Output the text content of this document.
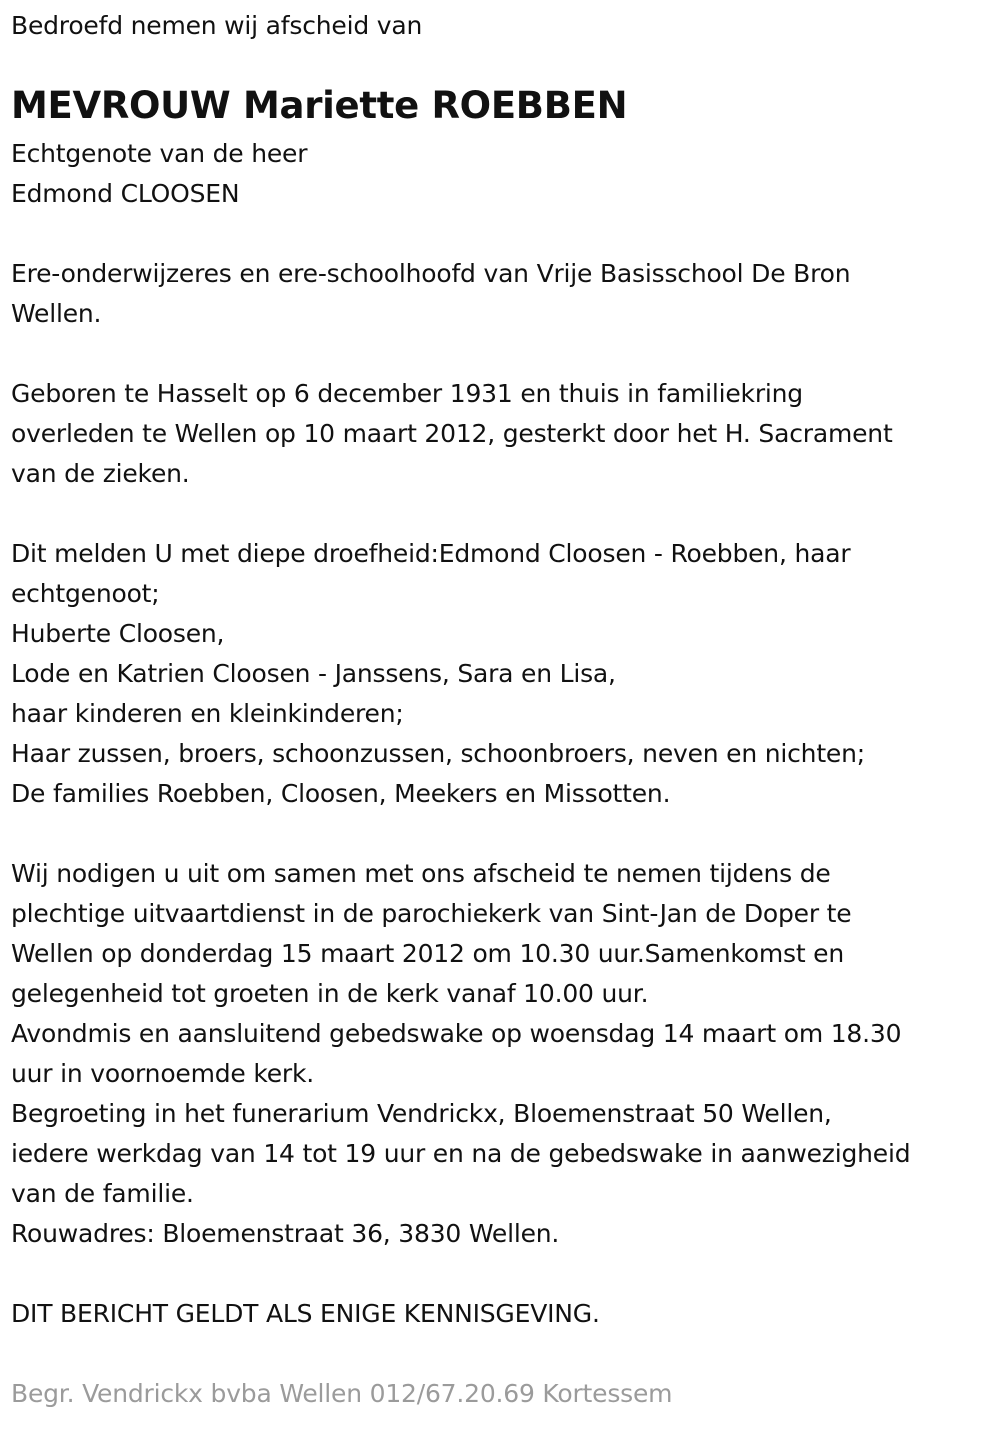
Bedroefd nemen wij afscheid van
MEVROUW Mariette ROEBBEN
Echtgenote van de heer
Edmond CLOOSEN
Ere-onderwijzeres en ere-schoolhoofd van Vrije Basisschool De Bron
Wellen.
Geboren te Hasselt op 6 december 1931 en thuis in familiekring
overleden te Wellen op 10 maart 2012, gesterkt door het H. Sacrament
van de zieken.
Dit melden U met diepe droefheid:Edmond Cloosen - Roebben, haar
echtgenoot;
Huberte Cloosen,
Lode en Katrien Cloosen - Janssens, Sara en Lisa,
haar kinderen en kleinkinderen;
Haar zussen, broers, schoonzussen, schoonbroers, neven en nichten;
De families Roebben, Cloosen, Meekers en Missotten.
Wij nodigen u uit om samen met ons afscheid te nemen tijdens de
plechtige uitvaartdienst in de parochiekerk van Sint-Jan de Doper te
Wellen op donderdag 15 maart 2012 om 10.30 uur.Samenkomst en
gelegenheid tot groeten in de kerk vanaf 10.00 uur.
Avondmis en aansluitend gebedswake op woensdag 14 maart om 18.30
uur in voornoemde kerk.
Begroeting in het funerarium Vendrickx, Bloemenstraat 50 Wellen,
iedere werkdag van 14 tot 19 uur en na de gebedswake in aanwezigheid
van de familie.
Rouwadres: Bloemenstraat 36, 3830 Wellen.
DIT BERICHT GELDT ALS ENIGE KENNISGEVING.
Begr. Vendrickx bvba Wellen 012/67.20.69 Kortessem
